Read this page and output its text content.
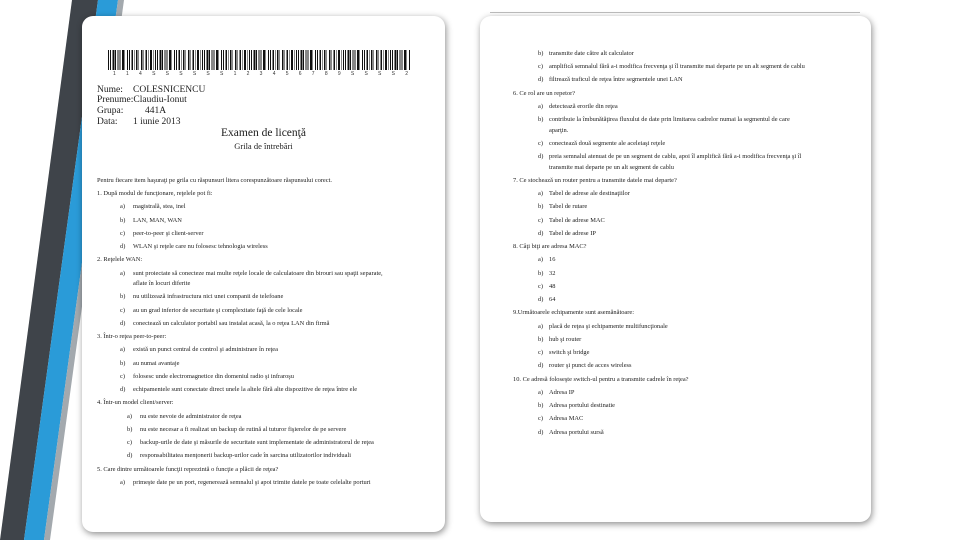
1 1 4 S S S S S S 1 2 3 4 5 6 7 8 9 S S S S 2
Nume:	COLESNICENCU
Prenume: Claudiu-Ionut
Grupa:	441A
Data:	1 iunie 2013
Examen de licenţă
Grila de întrebări
Pentru fiecare item haşuraţi pe grila cu răspunsuri litera corespunzătoare răspunsului corect.
1. După modul de funcţionare, reţelele pot fi:
a)	magistrală, stea, inel
b)	LAN, MAN, WAN
c)	peer-to-peer şi client-server
d)	WLAN şi reţele care nu folosesc tehnologia wireless
2. Reţelele WAN:
a)	sunt proiectate să conecteze mai multe reţele locale de calculatoare din birouri sau spaţii separate,
aflate în locuri diferite
b)	nu utilizează infrastructura nici unei companii de telefoane
c)	au un grad inferior de securitate şi complexitate faţă de cele locale
d)	conectează un calculator portabil sau instalat acasă, la o reţea LAN din firmă
3. Într-o reţea peer-to-peer:
a)	există un punct central de control şi administrare în reţea
b)	au numai avantaje
c)	folosesc unde electromagnetice din domeniul radio şi infraroşu
d)	echipamentele sunt conectate direct unele la altele fără alte dispozitive de reţea între ele
4. Într-un model client/server:
a)	nu este nevoie de administrator de reţea
b)	nu este necesar a fi realizat un backup de rutină al tuturor fişierelor de pe servere
c)	backup-urile de date şi măsurile de securitate sunt implementate de administratorul de reţea
d)	responsabilitatea menţonerii backup-urilor cade în sarcina utilizatorilor individuali
5. Care dintre următoarele funcţii reprezintă o funcţie a plăcii de reţea?
a)	primeşte date pe un port, regenerează semnalul şi apoi trimite datele pe toate celelalte porturi
b) transmite date către alt calculator
c) amplifică semnalul fără a-i modifica frecvenţa şi îl transmite mai departe pe un alt segment de cablu
d) filtrează traficul de reţea între segmentele unei LAN
6. Ce rol are un repetor?
a) detectează erorile din reţea
b) contribuie la îmbunătăţirea fluxului de date prin limitarea cadrelor numai la segmentul de care
aparţin.
c) conectează două segmente ale aceleiaşi reţele
d) preia semnalul atenuat de pe un segment de cablu, apoi îl amplifică fără a-i modifica frecvenţa şi îl
transmite mai departe pe un alt segment de cablu
7. Ce stochează un router pentru a transmite datele mai departe?
a) Tabel de adrese ale destinaţiilor
b) Tabel de rutare
c) Tabel de adrese MAC
d) Tabel de adrese IP
8. Câţi biţi are adresa MAC?
a) 16
b) 32
c) 48
d) 64
9.Următoarele echipamente sunt asemănătoare:
a) placă de reţea şi echipamente multifuncţionale
b) hub şi router
c) switch şi bridge
d) router şi punct de acces wireless
10. Ce adresă foloseşte switch-ul pentru a transmite cadrele în reţea?
a) Adresa IP
b) Adresa portului destinatie
c) Adresa MAC
d) Adresa portului sursă
